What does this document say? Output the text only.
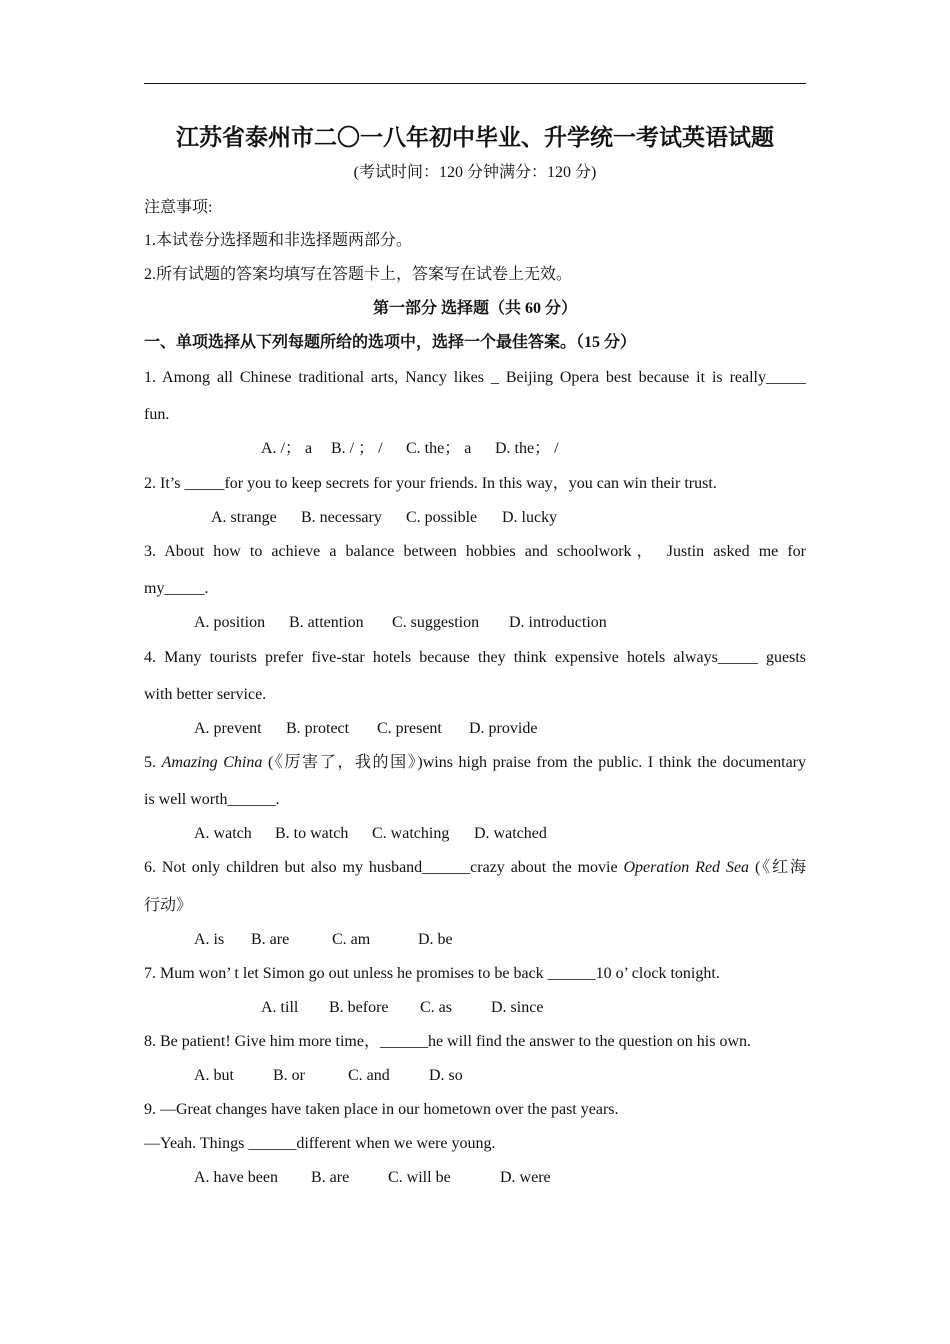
江苏省泰州市二〇一八年初中毕业、升学统一考试英语试题
(考试时间：120 分钟满分：120 分)
注意事项:
1.本试卷分选择题和非选择题两部分。
2.所有试题的答案均填写在答题卡上，答案写在试卷上无效。
第一部分 选择题（共 60 分）
一、单项选择从下列每题所给的选项中，选择一个最佳答案。（15 分）
1. Among all Chinese traditional arts, Nancy likes _ Beijing Opera best because it is really_____
fun.
A. /； a B. / ； / C. the； a D. the； /
2. It’s _____for you to keep secrets for your friends. In this way，you can win their trust.
A. strange B. necessary C. possible D. lucky
3. About how to achieve a balance between hobbies and schoolwork， Justin asked me for
my_____.
A. position B. attention C. suggestion D. introduction
4. Many tourists prefer five-star hotels because they think expensive hotels always_____ guests
with better service.
A. prevent B. protect C. present D. provide
5. Amazing China (《厉害了，我的国》)wins high praise from the public. I think the documentary
is well worth______.
A. watch B. to watch C. watching D. watched
6. Not only children but also my husband______crazy about the movie Operation Red Sea (《红海
行动》
A. is B. are	C. am	D. be
7. Mum won’ t let Simon go out unless he promises to be back ______10 o’ clock tonight.
A. till B. before C. as D. since
8. Be patient! Give him more time，______he will find the answer to the question on his own.
A. but B. or	C. and D. so
9. —Great changes have taken place in our hometown over the past years.
—Yeah. Things ______different when we were young.
A. have been B. are C. will be	D. were
